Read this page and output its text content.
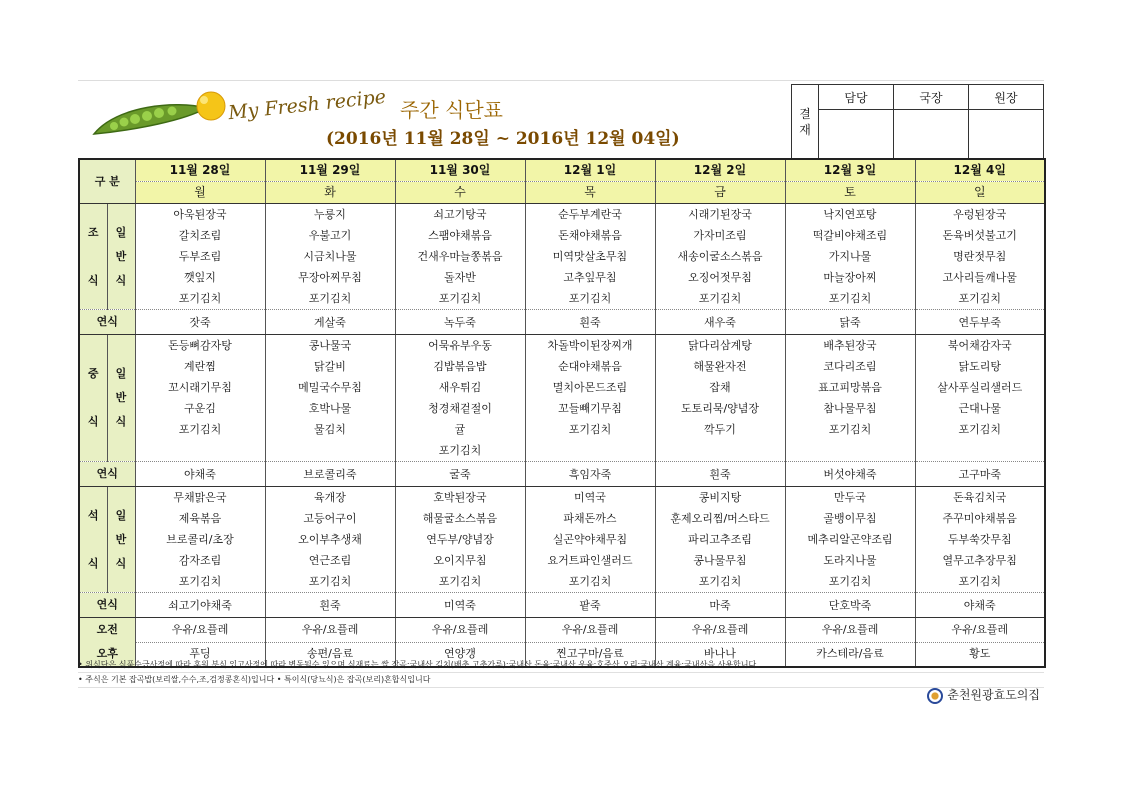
My Fresh recipe 주간 식단표
(2016년 11월 28일 ~ 2016년 12월 04일)
결
재	담당	국장	원장

구 분		11월 28일	11월 29일	11월 30일	12월 1일	12월 2일	12월 3일	12월 4일
		월	화	수	목	금	토	일
조

식	일
반
식	아욱된장국	누룽지	쇠고기탕국	순두부계란국	시래기된장국	낙지연포탕	우렁된장국
		갈치조림	우불고기	스팸야채볶음	돈채야채볶음	가자미조림	떡갈비야채조림	돈육버섯불고기
		두부조림	시금치나물	건새우마늘쫑볶음	미역맛살초무침	새송이굴소스볶음	가지나물	명란젓무침
		깻잎지	무장아찌무침	돌자반	고추잎무침	오징어젓무침	마늘장아찌	고사리들깨나물
		포기김치	포기김치	포기김치	포기김치	포기김치	포기김치	포기김치
연식		잣죽	게살죽	녹두죽	흰죽	새우죽	닭죽	연두부죽
중

식	일
반
식	돈등뼈감자탕	콩나물국	어묵유부우동	차돌박이된장찌개	닭다리삼계탕	배추된장국	북어채감자국
		계란찜	닭갈비	김밥볶음밥	순대야채볶음	해물완자전	코다리조림	닭도리탕
		꼬시래기무침	메밀국수무침	새우튀김	멸치아몬드조림	잡채	표고피망볶음	살사푸실리샐러드
		구운김	호박나물	청경채겉절이	꼬들빼기무침	도토리묵/양념장	참나물무침	근대나물
		포기김치	물김치	귤	포기김치	깍두기	포기김치	포기김치
				포기김치				
연식		야채죽	브로콜리죽	굴죽	흑임자죽	흰죽	버섯야채죽	고구마죽
석

식	일
반
식	무채맑은국	육개장	호박된장국	미역국	콩비지탕	만두국	돈육김치국
		제육볶음	고등어구이	해물굴소스볶음	파채돈까스	훈제오리찜/머스타드	골뱅이무침	주꾸미야채볶음
		브로콜리/초장	오이부추생채	연두부/양념장	실곤약야채무침	파리고추조림	메추리알곤약조림	두부쑥갓무침
		감자조림	연근조림	오이지무침	요거트파인샐러드	콩나물무침	도라지나물	열무고추장무침
		포기김치	포기김치	포기김치	포기김치	포기김치	포기김치	포기김치
연식		쇠고기야채죽	흰죽	미역죽	팥죽	마죽	단호박죽	야채죽
오전		우유/요플레	우유/요플레	우유/요플레	우유/요플레	우유/요플레	우유/요플레	우유/요플레
오후		푸딩	송편/음료	연양갱	찐고구마/음료	바나나	카스테라/음료	황도
• 위식단은 식품수급사정에 따라 후원 부식 입고사정에 따라 변동될수 있으며 식재료는 쌀,잡곡:국내산 김치(배추,고추가루):국내산 돈육:국내산 우육:호주산 오리:국내산 계육:국내산을 사용합니다.
• 주식은 기본 잡곡밥(보리쌀,수수,조,검정콩혼식)입니다 • 특이식(당뇨식)은 잡곡(보리)혼합식입니다
춘천원광효도의집
